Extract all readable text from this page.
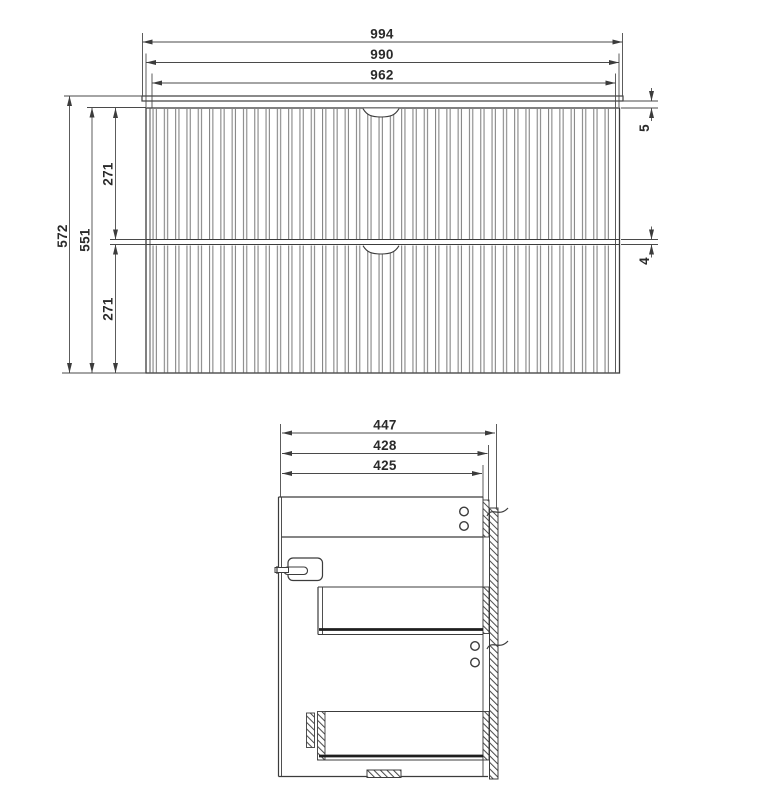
994
990
962
572 551
271
271
5
4
447
428
425
